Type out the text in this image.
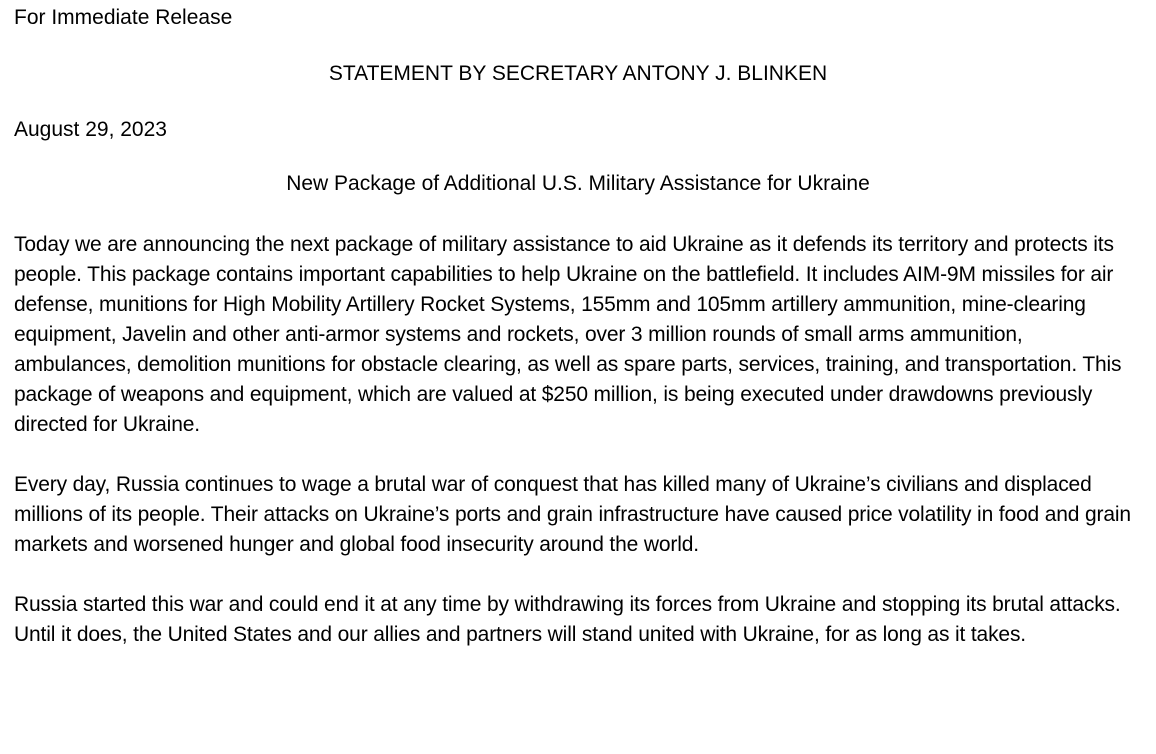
For Immediate Release

STATEMENT BY SECRETARY ANTONY J. BLINKEN

August 29, 2023

New Package of Additional U.S. Military Assistance for Ukraine

Today we are announcing the next package of military assistance to aid Ukraine as it defends its territory and protects its people. This package contains important capabilities to help Ukraine on the battlefield. It includes AIM-9M missiles for air defense, munitions for High Mobility Artillery Rocket Systems, 155mm and 105mm artillery ammunition, mine-clearing equipment, Javelin and other anti-armor systems and rockets, over 3 million rounds of small arms ammunition, ambulances, demolition munitions for obstacle clearing, as well as spare parts, services, training, and transportation. This package of weapons and equipment, which are valued at $250 million, is being executed under drawdowns previously directed for Ukraine.

Every day, Russia continues to wage a brutal war of conquest that has killed many of Ukraine’s civilians and displaced millions of its people. Their attacks on Ukraine’s ports and grain infrastructure have caused price volatility in food and grain markets and worsened hunger and global food insecurity around the world.

Russia started this war and could end it at any time by withdrawing its forces from Ukraine and stopping its brutal attacks. Until it does, the United States and our allies and partners will stand united with Ukraine, for as long as it takes.
